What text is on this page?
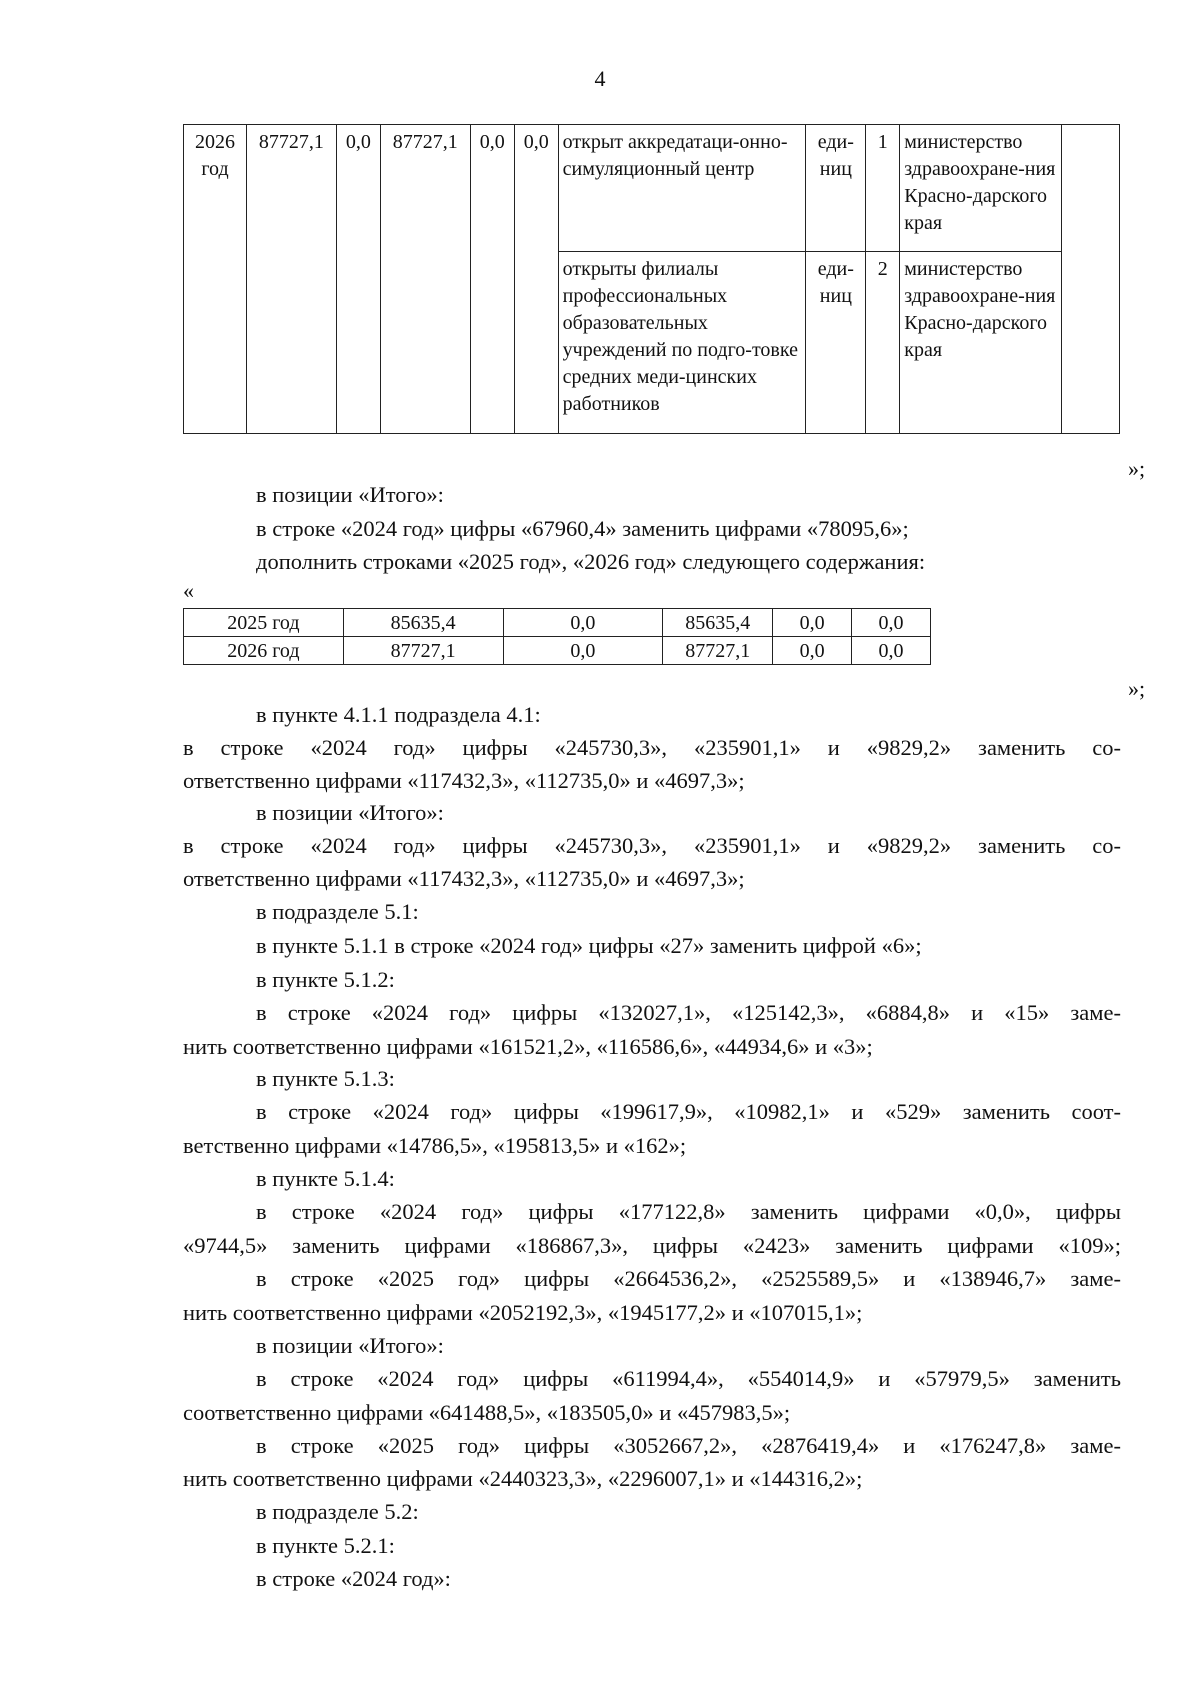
4
2026 год	87727,1	0,0	87727,1	0,0	0,0	открыт аккредатаци-онно-симуляционный центр	еди-ниц	1	министерство здравоохране-ния Красно-дарского края	
						открыты филиалы профессиональных образовательных учреждений по подго-товке средних меди-цинских работников	еди-ниц	2	министерство здравоохране-ния Красно-дарского края	
»;
в позиции «Итого»:
в строке «2024 год» цифры «67960,4» заменить цифрами «78095,6»;
дополнить строками «2025 год», «2026 год» следующего содержания:
«
2025 год	85635,4	0,0	85635,4	0,0	0,0
2026 год	87727,1	0,0	87727,1	0,0	0,0
»;
в пункте 4.1.1 подраздела 4.1:
в строке «2024 год» цифры «245730,3», «235901,1» и «9829,2» заменить со-
ответственно цифрами «117432,3», «112735,0» и «4697,3»;
в позиции «Итого»:
в строке «2024 год» цифры «245730,3», «235901,1» и «9829,2» заменить со-
ответственно цифрами «117432,3», «112735,0» и «4697,3»;
в подразделе 5.1:
в пункте 5.1.1 в строке «2024 год» цифры «27» заменить цифрой «6»;
в пункте 5.1.2:
в строке «2024 год» цифры «132027,1», «125142,3», «6884,8» и «15» заме-
нить соответственно цифрами «161521,2», «116586,6», «44934,6» и «3»;
в пункте 5.1.3:
в строке «2024 год» цифры «199617,9», «10982,1» и «529» заменить соот-
ветственно цифрами «14786,5», «195813,5» и «162»;
в пункте 5.1.4:
в строке «2024 год» цифры «177122,8» заменить цифрами «0,0», цифры
«9744,5» заменить цифрами «186867,3», цифры «2423» заменить цифрами «109»;
в строке «2025 год» цифры «2664536,2», «2525589,5» и «138946,7» заме-
нить соответственно цифрами «2052192,3», «1945177,2» и «107015,1»;
в позиции «Итого»:
в строке «2024 год» цифры «611994,4», «554014,9» и «57979,5» заменить
соответственно цифрами «641488,5», «183505,0» и «457983,5»;
в строке «2025 год» цифры «3052667,2», «2876419,4» и «176247,8» заме-
нить соответственно цифрами «2440323,3», «2296007,1» и «144316,2»;
в подразделе 5.2:
в пункте 5.2.1:
в строке «2024 год»:
